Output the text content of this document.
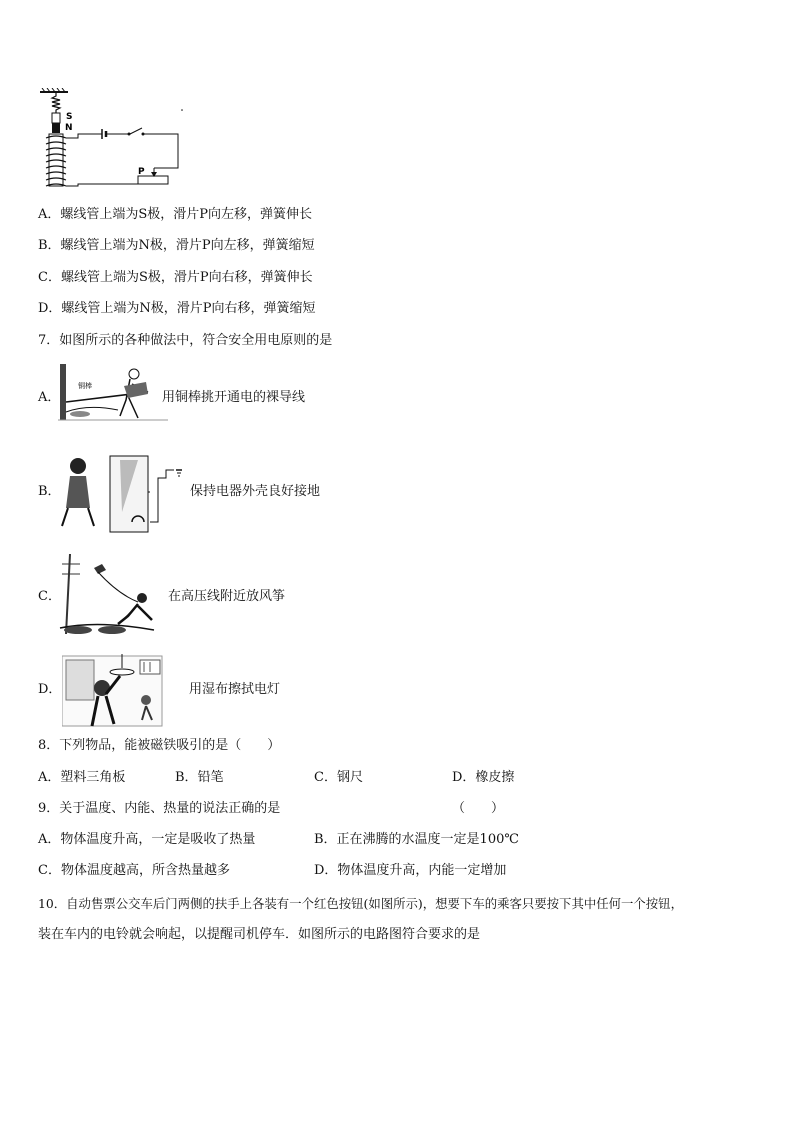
S
N
P
A．螺线管上端为S极，滑片P向左移，弹簧伸长
B．螺线管上端为N极，滑片P向左移，弹簧缩短
C．螺线管上端为S极，滑片P向右移，弹簧伸长
D．螺线管上端为N极，滑片P向右移，弹簧缩短
7．如图所示的各种做法中，符合安全用电原则的是
A．
铜棒
用铜棒挑开通电的裸导线
B．	保持电器外壳良好接地
C．	在高压线附近放风筝
D．	用湿布擦拭电灯
8．下列物品，能被磁铁吸引的是（　　）
A．塑料三角板	B．铅笔	C．钢尺	D．橡皮擦
9．关于温度、内能、热量的说法正确的是	（　　）
A．物体温度升高，一定是吸收了热量	B．正在沸腾的水温度一定是100℃
C．物体温度越高，所含热量越多	D．物体温度升高，内能一定增加
10．自动售票公交车后门两侧的扶手上各装有一个红色按钮(如图所示)，想要下车的乘客只要按下其中任何一个按钮，
装在车内的电铃就会响起，以提醒司机停车．如图所示的电路图符合要求的是
